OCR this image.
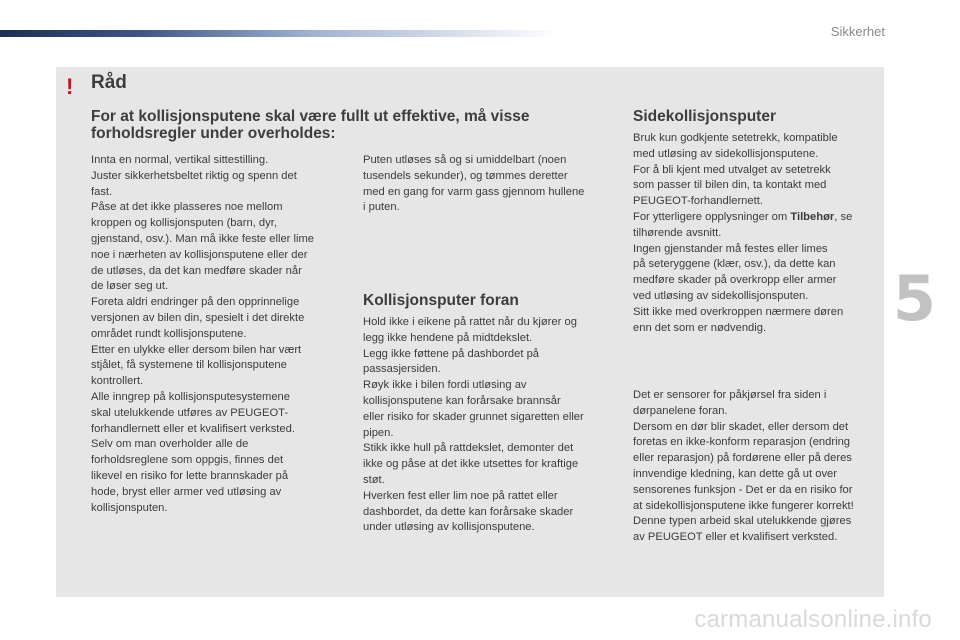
Sikkerhet
5
! Råd
For at kollisjonsputene skal være fullt ut effektive, må visse
forholdsregler under overholdes:
Innta en normal, vertikal sittestilling.
Juster sikkerhetsbeltet riktig og spenn det
fast.
Påse at det ikke plasseres noe mellom
kroppen og kollisjonsputen (barn, dyr,
gjenstand, osv.). Man må ikke feste eller lime
noe i nærheten av kollisjonsputene eller der
de utløses, da det kan medføre skader når
de løser seg ut.
Foreta aldri endringer på den opprinnelige
versjonen av bilen din, spesielt i det direkte
området rundt kollisjonsputene.
Etter en ulykke eller dersom bilen har vært
stjålet, få systemene til kollisjonsputene
kontrollert.
Alle inngrep på kollisjonsputesystemene
skal utelukkende utføres av PEUGEOT-
forhandlernett eller et kvalifisert verksted.
Selv om man overholder alle de
forholdsreglene som oppgis, finnes det
likevel en risiko for lette brannskader på
hode, bryst eller armer ved utløsing av
kollisjonsputen.
Puten utløses så og si umiddelbart (noen
tusendels sekunder), og tømmes deretter
med en gang for varm gass gjennom hullene
i puten.
Kollisjonsputer foran
Hold ikke i eikene på rattet når du kjører og
legg ikke hendene på midtdekslet.
Legg ikke føttene på dashbordet på
passasjersiden.
Røyk ikke i bilen fordi utløsing av
kollisjonsputene kan forårsake brannsår
eller risiko for skader grunnet sigaretten eller
pipen.
Stikk ikke hull på rattdekslet, demonter det
ikke og påse at det ikke utsettes for kraftige
støt.
Hverken fest eller lim noe på rattet eller
dashbordet, da dette kan forårsake skader
under utløsing av kollisjonsputene.
Sidekollisjonsputer
Bruk kun godkjente setetrekk, kompatible
med utløsing av sidekollisjonsputene.
For å bli kjent med utvalget av setetrekk
som passer til bilen din, ta kontakt med
PEUGEOT-forhandlernett.
For ytterligere opplysninger om Tilbehør, se
tilhørende avsnitt.
Ingen gjenstander må festes eller limes
på seteryggene (klær, osv.), da dette kan
medføre skader på overkropp eller armer
ved utløsing av sidekollisjonsputen.
Sitt ikke med overkroppen nærmere døren
enn det som er nødvendig.
Det er sensorer for påkjørsel fra siden i
dørpanelene foran.
Dersom en dør blir skadet, eller dersom det
foretas en ikke-konform reparasjon (endring
eller reparasjon) på fordørene eller på deres
innvendige kledning, kan dette gå ut over
sensorenes funksjon - Det er da en risiko for
at sidekollisjonsputene ikke fungerer korrekt!
Denne typen arbeid skal utelukkende gjøres
av PEUGEOT eller et kvalifisert verksted.
carmanualsonline.info
